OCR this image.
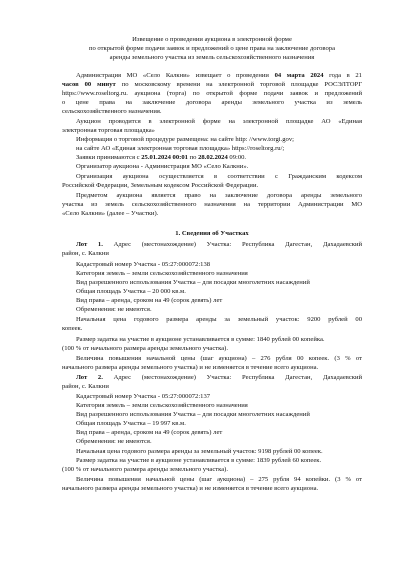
Извещение о проведении аукциона в электронной форме
по открытой форме подачи заявок и предложений о цене права на заключение договора
аренды земельного участка из земель сельскохозяйственного назначения
Администрация МО «Село Калкни» извещает о проведении 04 марта 2024 года в 21
часов 00 минут по московскому времени на электронной торговой площадке РОСЭЛТОРГ
https://www.roseltorg.ru. аукциона (торга) по открытой форме подачи заявок и предложений
о цене права на заключение договора аренды земельного участка из земель
сельскохозяйственного назначения.
Аукцион проводится в электронной форме на электронной площадке АО «Единая
электронная торговая площадка»
Информация о торговой процедуре размещена: на сайте http: //www.torgi.gov;
на сайте АО «Единая электронная торговая площадка» https://roseltorg.ru/;
Заявки принимаются с 25.01.2024 00:01 по 28.02.2024 09:00.
Организатор аукциона - Администрация МО «Село Калкни».
Организация аукциона осуществляется в соответствии с Гражданским кодексом
Российской Федерации, Земельным кодексом Российской Федерации.
Предметом аукциона является право на заключение договора аренды земельного
участка из земель сельскохозяйственного назначения на территории Администрации МО
«Село Калкни» (далее – Участки).
1. Сведения об Участках
Лот 1. Адрес (местонахождение) Участка: Республика Дагестан, Дахадаевский
район, с. Калкни
Кадастровый номер Участка - 05:27:000072:138
Категория земель – земли сельскохозяйственного назначения
Вид разрешенного использования Участка – для посадки многолетних насаждений
Общая площадь Участка – 20 000 кв.м.
Вид права – аренда, сроком на 49 (сорок девять) лет
Обременения: не имеются.
Начальная цена годового размера аренды за земельный участок: 9200 рублей 00
копеек.
Размер задатка на участие в аукционе устанавливается в сумме: 1840 рублей 00 копейка.
(100 % от начального размера аренды земельного участка).
Величина повышения начальной цены (шаг аукциона) – 276 рубля 00 копеек. (3 % от
начального размера аренды земельного участка) и не изменяется в течение всего аукциона.
Лот 2. Адрес (местонахождение) Участка: Республика Дагестан, Дахадаевский
район, с. Калкни
Кадастровый номер Участка - 05:27:000072:137
Категория земель – земли сельскохозяйственного назначения
Вид разрешенного использования Участка – для посадки многолетних насаждений
Общая площадь Участка – 19 997 кв.м.
Вид права – аренда, сроком на 49 (сорок девять) лет
Обременения: не имеются.
Начальная цена годового размера аренды за земельный участок: 9198 рублей 00 копеек.
Размер задатка на участие в аукционе устанавливается в сумме: 1839 рублей 60 копеек.
(100 % от начального размера аренды земельного участка).
Величина повышения начальной цены (шаг аукциона) – 275 рубля 94 копейки. (3 % от
начального размера аренды земельного участка) и не изменяется в течение всего аукциона.
